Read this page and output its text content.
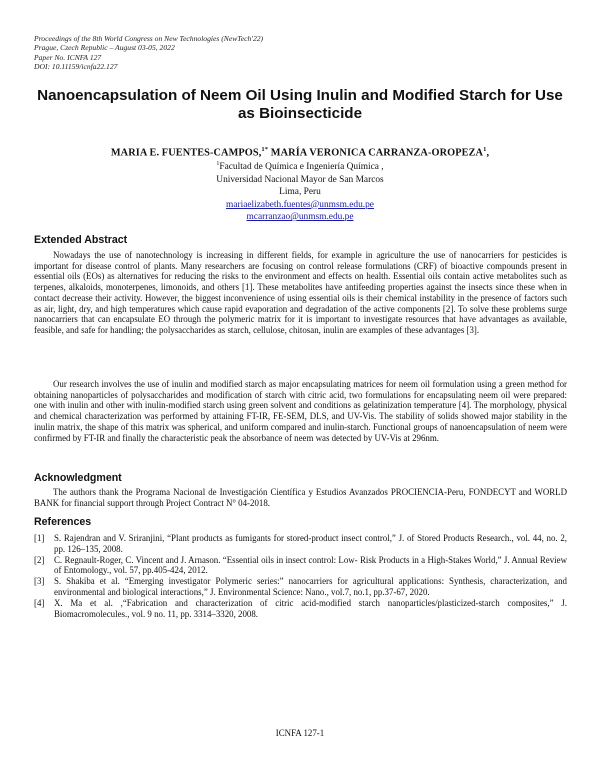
Proceedings of the 8th World Congress on New Technologies (NewTech'22)
Prague, Czech Republic – August 03-05, 2022
Paper No. ICNFA 127
DOI: 10.11159/icnfa22.127
Nanoencapsulation of Neem Oil Using Inulin and Modified Starch for Use as Bioinsecticide
MARIA E. FUENTES-CAMPOS,$^{1*}$ MARÍA VERONICA CARRANZA-OROPEZA$^1$,
$^1$Facultad de Química e Ingeniería Química ,
Universidad Nacional Mayor de San Marcos
Lima, Peru
mariaelizabeth.fuentes@unmsm.edu.pe
mcarranzao@unmsm.edu.pe
Extended Abstract
Nowadays the use of nanotechnology is increasing in different fields, for example in agriculture the use of nanocarriers for pesticides is important for disease control of plants. Many researchers are focusing on control release formulations (CRF) of bioactive compounds present in essential oils (EOs) as alternatives for reducing the risks to the environment and effects on health. Essential oils contain active metabolites such as terpenes, alkaloids, monoterpenes, limonoids, and others [1]. These metabolites have antifeeding properties against the insects since these when in contact decrease their activity. However, the biggest inconvenience of using essential oils is their chemical instability in the presence of factors such as air, light, dry, and high temperatures which cause rapid evaporation and degradation of the active components [2]. To solve these problems surge nanocarriers that can encapsulate EO through the polymeric matrix for it is important to investigate resources that have advantages as available, feasible, and safe for handling; the polysaccharides as starch, cellulose, chitosan, inulin are examples of these advantages [3].
Our research involves the use of inulin and modified starch as major encapsulating matrices for neem oil formulation using a green method for obtaining nanoparticles of polysaccharides and modification of starch with citric acid, two formulations for encapsulating neem oil were prepared: one with inulin and other with inulin-modified starch using green solvent and conditions as gelatinization temperature [4]. The morphology, physical and chemical characterization was performed by attaining FT-IR, FE-SEM, DLS, and UV-Vis. The stability of solids showed major stability in the inulin matrix, the shape of this matrix was spherical, and uniform compared and inulin-starch. Functional groups of nanoencapsulation of neem were confirmed by FT-IR and finally the characteristic peak the absorbance of neem was detected by UV-Vis at 296nm.
Acknowledgment
The authors thank the Programa Nacional de Investigación Científica y Estudios Avanzados PROCIENCIA-Peru, FONDECYT and WORLD BANK for financial support through Project Contract N° 04-2018.
References
[1] S. Rajendran and V. Sriranjini, “Plant products as fumigants for stored-product insect control,” J. of Stored Products Research., vol. 44, no. 2, pp. 126–135, 2008.
[2] C. Regnault-Roger, C. Vincent and J. Arnason. “Essential oils in insect control: Low- Risk Products in a High-Stakes World,” J. Annual Review of Entomology., vol. 57, pp.405-424, 2012.
[3] S. Shakiba et al. “Emerging investigator Polymeric series:” nanocarriers for agricultural applications: Synthesis, characterization, and environmental and biological interactions,” J. Environmental Science: Nano., vol.7, no.1, pp.37-67, 2020.
[4] X. Ma et al. ,“Fabrication and characterization of citric acid-modified starch nanoparticles/plasticized-starch composites,” J. Biomacromolecules., vol. 9 no. 11, pp. 3314–3320, 2008.
ICNFA 127-1
